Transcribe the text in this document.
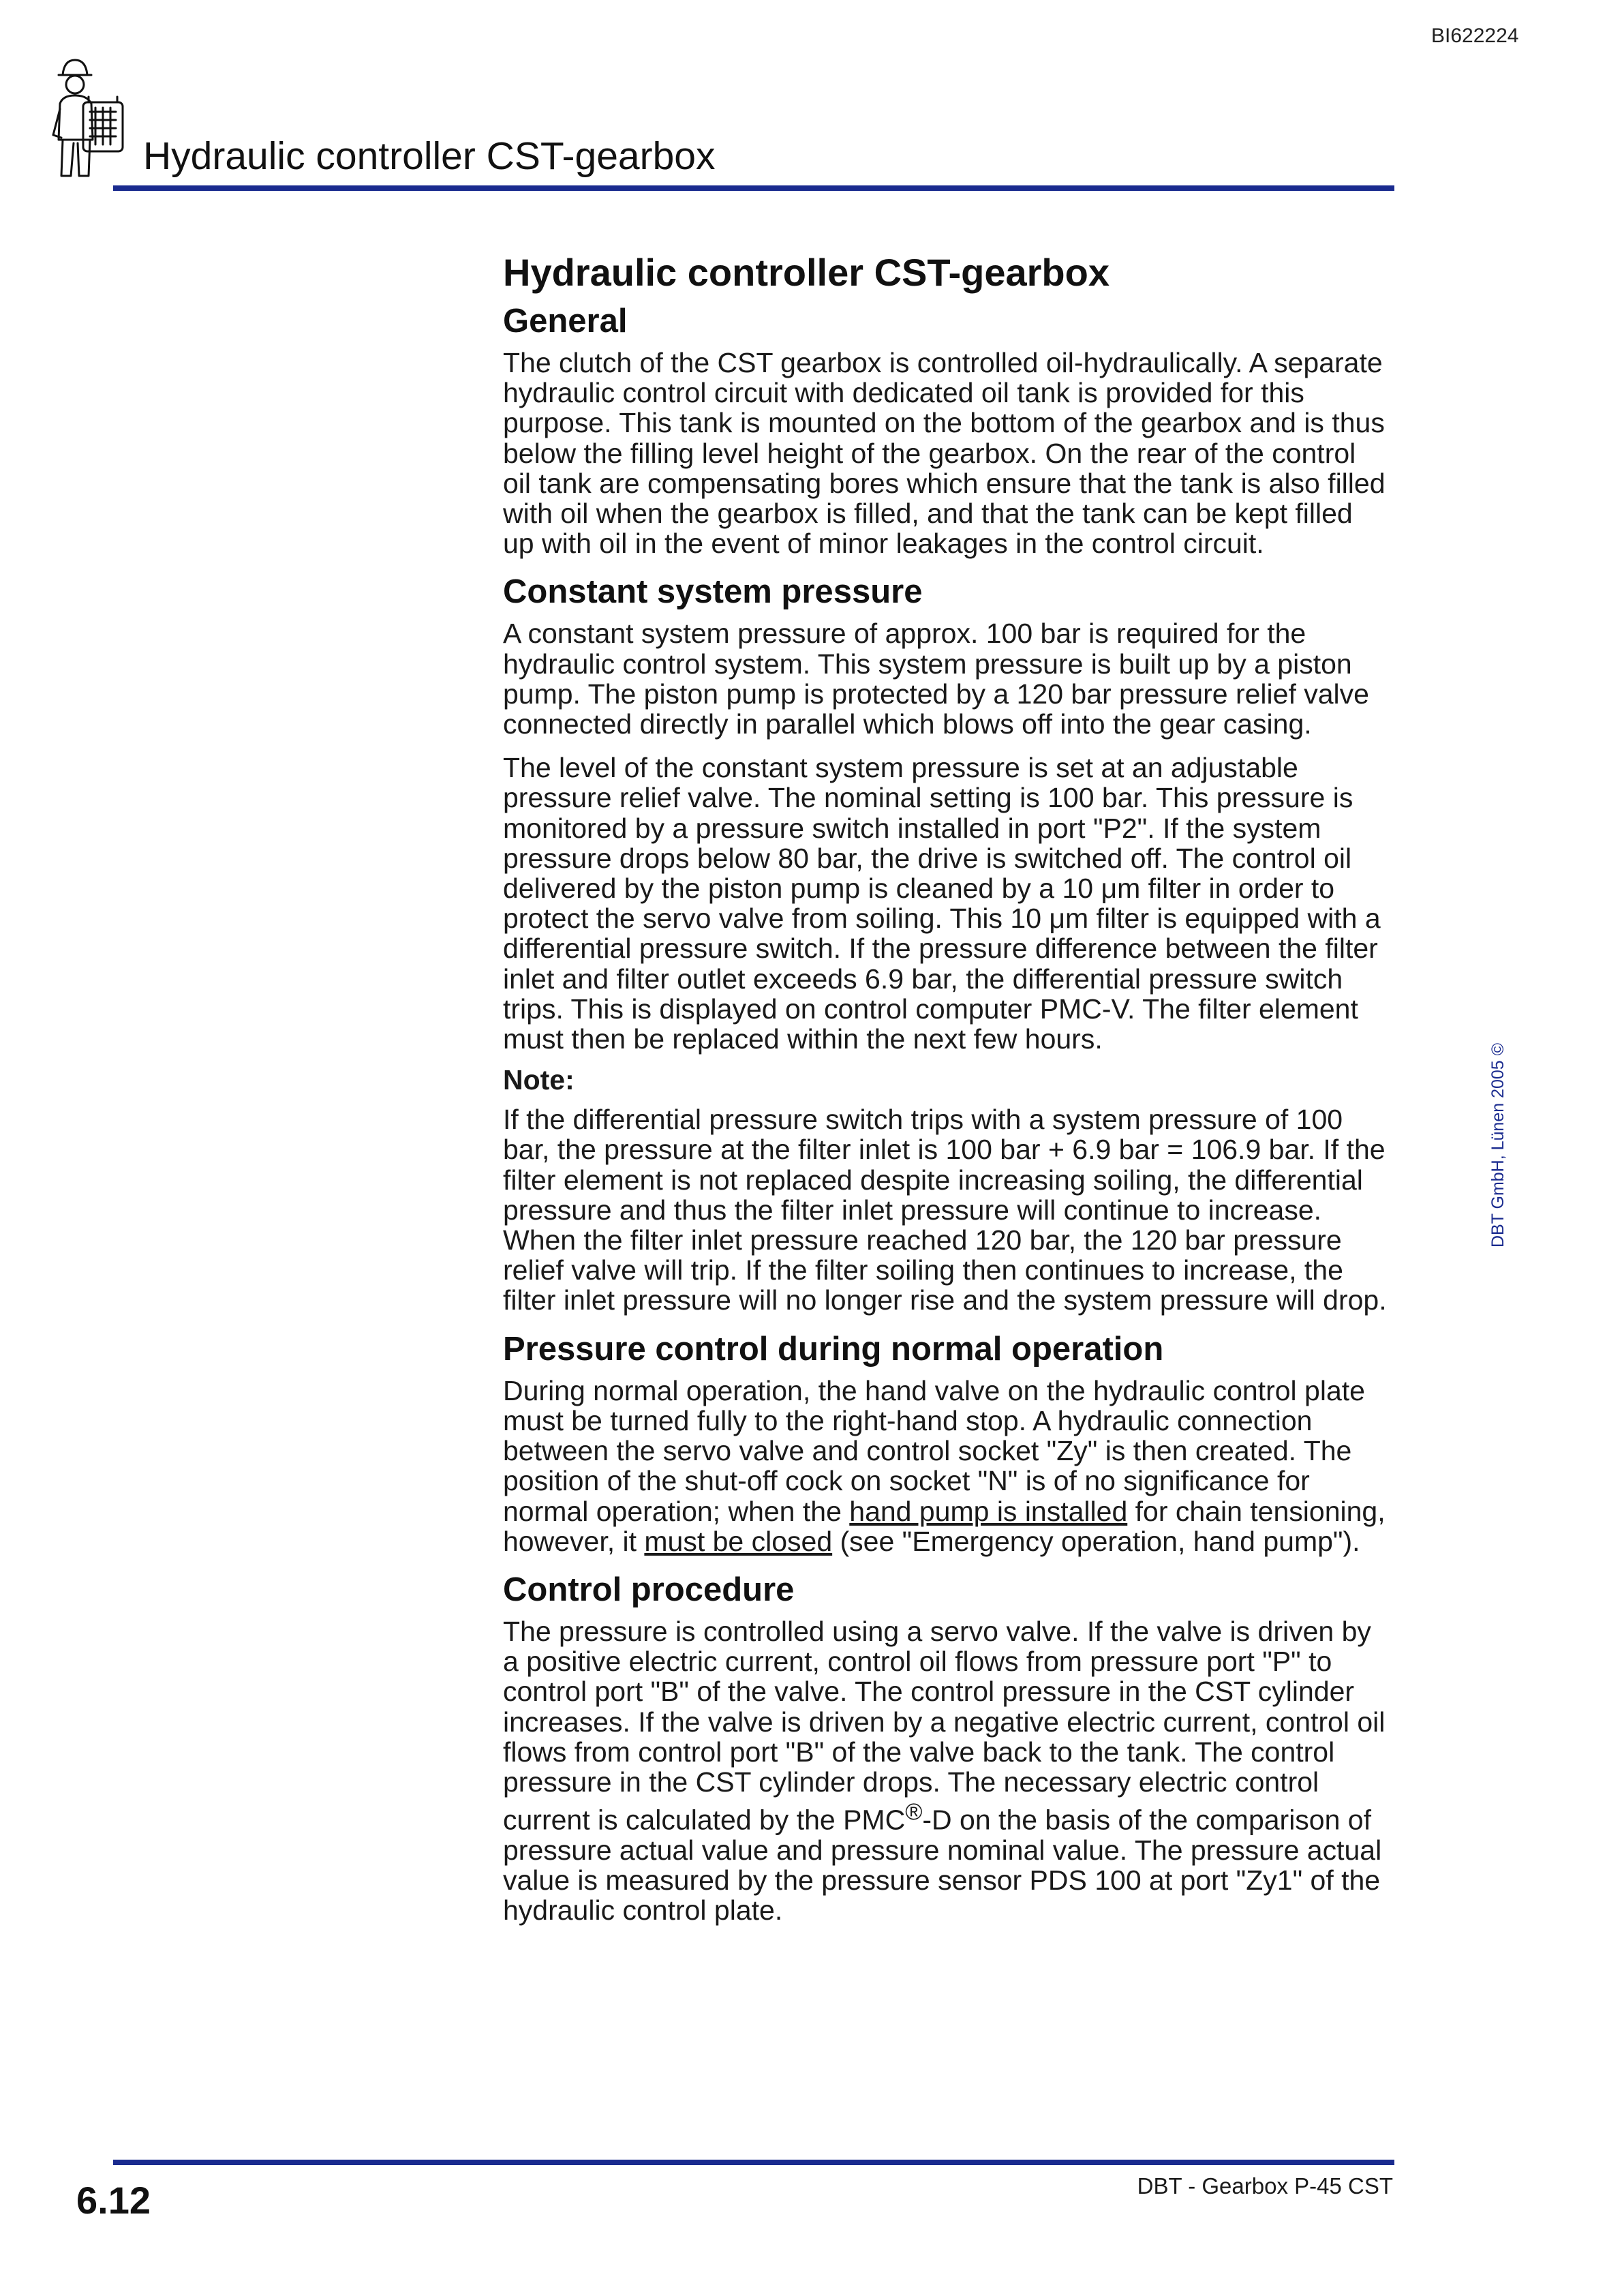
BI622224
Hydraulic controller CST-gearbox
Hydraulic controller CST-gearbox
General

The clutch of the CST gearbox is controlled oil-hydraulically. A separate hydraulic control circuit with dedicated oil tank is provided for this purpose. This tank is mounted on the bottom of the gearbox and is thus below the filling level height of the gearbox. On the rear of the control oil tank are compensating bores which ensure that the tank is also filled with oil when the gearbox is filled, and that the tank can be kept filled up with oil in the event of minor leakages in the control circuit.

Constant system pressure

A constant system pressure of approx. 100 bar is required for the hydraulic control system. This system pressure is built up by a piston pump. The piston pump is protected by a 120 bar pressure relief valve connected directly in parallel which blows off into the gear casing.

The level of the constant system pressure is set at an adjustable pressure relief valve. The nominal setting is 100 bar. This pressure is monitored by a pressure switch installed in port "P2". If the system pressure drops below 80 bar, the drive is switched off. The control oil delivered by the piston pump is cleaned by a 10 μm filter in order to protect the servo valve from soiling. This 10 μm filter is equipped with a differential pressure switch. If the pressure difference between the filter inlet and filter outlet exceeds 6.9 bar, the differential pressure switch trips. This is displayed on control computer PMC-V. The filter element must then be replaced within the next few hours.

Note:

If the differential pressure switch trips with a system pressure of 100 bar, the pressure at the filter inlet is 100 bar + 6.9 bar = 106.9 bar. If the filter element is not replaced despite increasing soiling, the differential pressure and thus the filter inlet pressure will continue to increase. When the filter inlet pressure reached 120 bar, the 120 bar pressure relief valve will trip. If the filter soiling then continues to increase, the filter inlet pressure will no longer rise and the system pressure will drop.

Pressure control during normal operation

During normal operation, the hand valve on the hydraulic control plate must be turned fully to the right-hand stop. A hydraulic connection between the servo valve and control socket "Zy" is then created. The position of the shut-off cock on socket "N" is of no significance for normal operation; when the hand pump is installed for chain tensioning, however, it must be closed (see "Emergency operation, hand pump").

Control procedure

The pressure is controlled using a servo valve. If the valve is driven by a positive electric current, control oil flows from pressure port "P" to control port "B" of the valve. The control pressure in the CST cylinder increases. If the valve is driven by a negative electric current, control oil flows from control port "B" of the valve back to the tank. The control pressure in the CST cylinder drops. The necessary electric control current is calculated by the PMC®-D on the basis of the comparison of pressure actual value and pressure nominal value. The pressure actual value is measured by the pressure sensor PDS 100 at port "Zy1" of the hydraulic control plate.

DBT GmbH, Lünen 2005 ©
6.12	DBT - Gearbox P-45 CST
